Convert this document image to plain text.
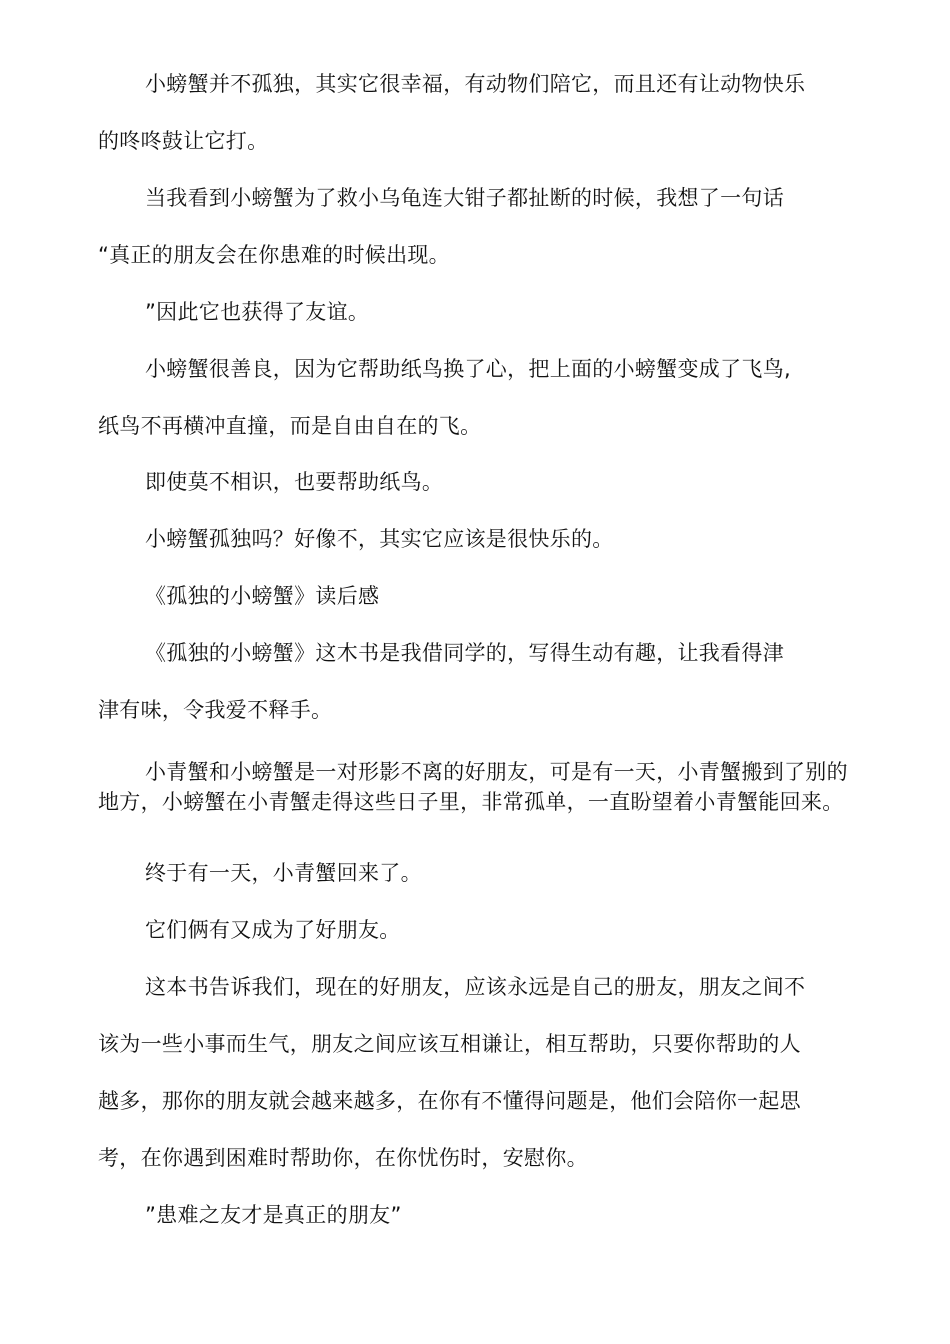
小螃蟹并不孤独，其实它很幸福，有动物们陪它，而且还有让动物快乐
的咚咚鼓让它打。
当我看到小螃蟹为了救小乌龟连大钳子都扯断的时候，我想了一句话
“真正的朋友会在你患难的时候出现。
”因此它也获得了友谊。
小螃蟹很善良，因为它帮助纸鸟换了心，把上面的小螃蟹变成了飞鸟,
纸鸟不再横冲直撞，而是自由自在的飞。
即使莫不相识，也要帮助纸鸟。
小螃蟹孤独吗？好像不，其实它应该是很快乐的。
《孤独的小螃蟹》读后感
《孤独的小螃蟹》这木书是我借同学的，写得生动有趣，让我看得津
津有味，令我爱不释手。
小青蟹和小螃蟹是一对形影不离的好朋友，可是有一天，小青蟹搬到了别的地方，小螃蟹在小青蟹走得这些日子里，非常孤单，一直盼望着小青蟹能回来。
终于有一天，小青蟹回来了。
它们俩有又成为了好朋友。
这本书告诉我们，现在的好朋友，应该永远是自己的册友，朋友之间不
该为一些小事而生气，朋友之间应该互相谦让，相互帮助，只要你帮助的人
越多，那你的朋友就会越来越多，在你有不懂得问题是，他们会陪你一起思
考，在你遇到困难时帮助你，在你忧伤时，安慰你。
”患难之友才是真正的朋友”
